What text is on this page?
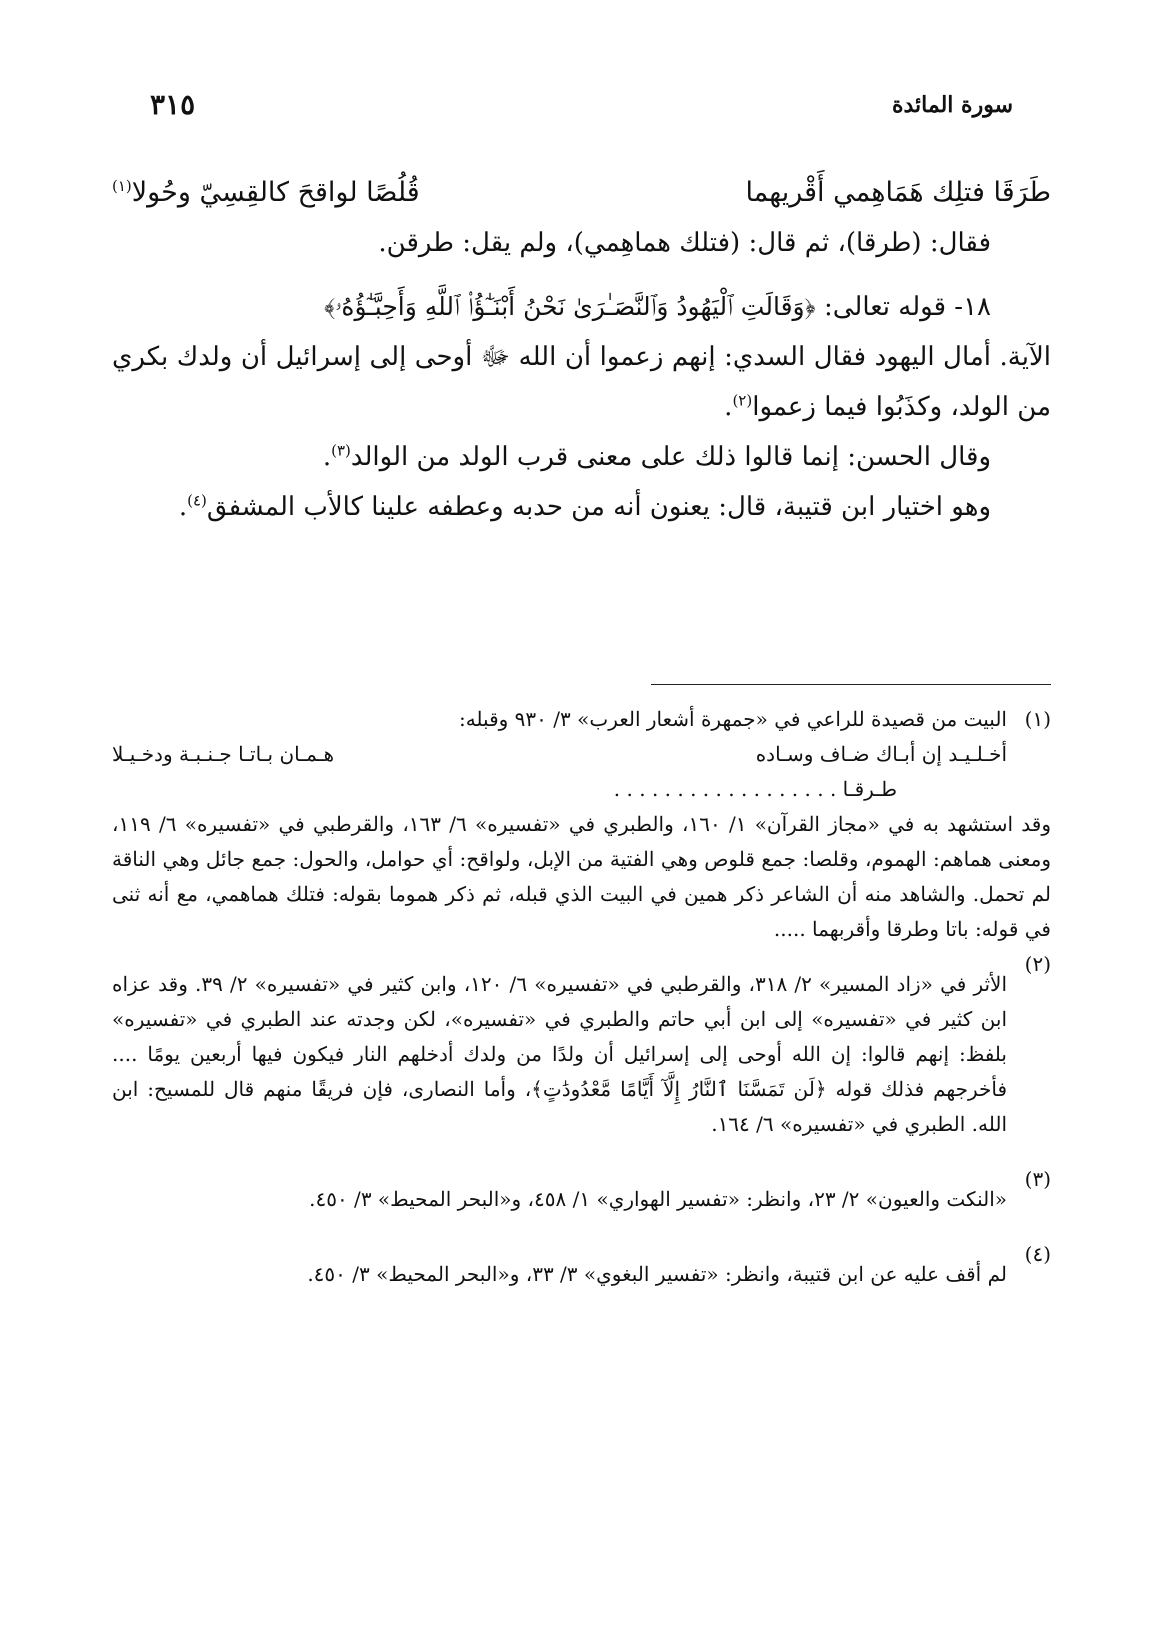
سورة المائدة
٣١٥
طَرَقَا فتلِك هَمَاهِمي أَقْريهما
قُلُصًا لواقحَ كالقِسِيّ وحُولا$^{(١)}$

فقال: (طرقا)، ثم قال: (فتلك هماهِمي)، ولم يقل: طرقن.

١٨- قوله تعالى: ﴿وَقَالَتِ ٱلْيَهُودُ وَٱلنَّصَـٰرَىٰ نَحْنُ أَبْنَـٰٓؤُا۟ ٱللَّهِ وَأَحِبَّـٰٓؤُهُۥ﴾

الآية. أمال اليهود فقال السدي: إنهم زعموا أن الله ﷻ أوحى إلى إسرائيل أن ولدك بكري من الولد، وكذَبُوا فيما زعموا$^{(٢)}$.

وقال الحسن: إنما قالوا ذلك على معنى قرب الولد من الوالد$^{(٣)}$.

وهو اختيار ابن قتيبة، قال: يعنون أنه من حدبه وعطفه علينا كالأب المشفق$^{(٤)}$.

(١)

البيت من قصيدة للراعي في «جمهرة أشعار العرب» ٣/ ٩٣٠ وقبله:

أخـلـيـد إن أبـاك ضـاف وسـاده
هـمـان بـاتـا جـنـبـة ودخـيـلا

طـرقـا . . . . . . . . . . . . . . . . . .

وقد استشهد به في «مجاز القرآن» ١/ ١٦٠، والطبري في «تفسيره» ٦/ ١٦٣، والقرطبي في «تفسيره» ٦/ ١١٩، ومعنى هماهم: الهموم، وقلصا: جمع قلوص وهي الفتية من الإبل، ولواقح: أي حوامل، والحول: جمع جائل وهي الناقة لم تحمل. والشاهد منه أن الشاعر ذكر همين في البيت الذي قبله، ثم ذكر هموما بقوله: فتلك هماهمي، مع أنه ثنى في قوله: باتا وطرقا وأقربهما .....

(٢)

الأثر في «زاد المسير» ٢/ ٣١٨، والقرطبي في «تفسيره» ٦/ ١٢٠، وابن كثير في «تفسيره» ٢/ ٣٩. وقد عزاه ابن كثير في «تفسيره» إلى ابن أبي حاتم والطبري في «تفسيره»، لكن وجدته عند الطبري في «تفسيره» بلفظ: إنهم قالوا: إن الله أوحى إلى إسرائيل أن ولدًا من ولدك أدخلهم النار فيكون فيها أربعين يومًا .... فأخرجهم فذلك قوله ﴿لَن تَمَسَّنَا ٱلنَّارُ إِلَّآ أَيَّامًا مَّعْدُودَٰتٍ﴾، وأما النصارى، فإن فريقًا منهم قال للمسيح: ابن الله. الطبري في «تفسيره» ٦/ ١٦٤.

(٣)

«النكت والعيون» ٢/ ٢٣، وانظر: «تفسير الهواري» ١/ ٤٥٨، و«البحر المحيط» ٣/ ٤٥٠.

(٤)

لم أقف عليه عن ابن قتيبة، وانظر: «تفسير البغوي» ٣/ ٣٣، و«البحر المحيط» ٣/ ٤٥٠.
